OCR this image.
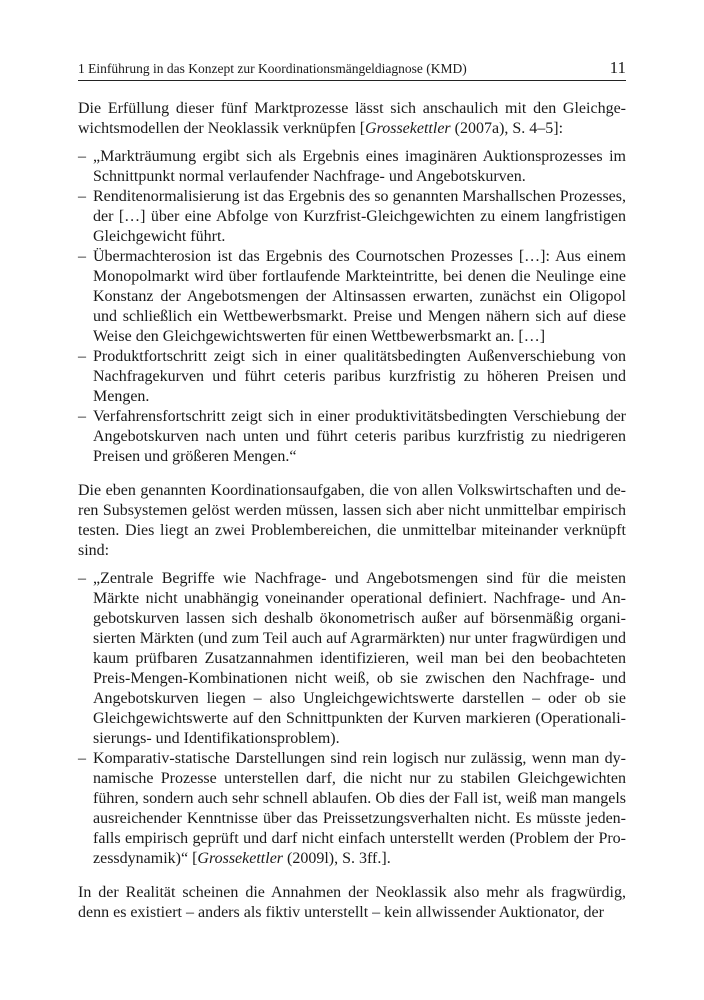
1 Einführung in das Konzept zur Koordinationsmängeldiagnose (KMD)	11

Die Erfüllung dieser fünf Marktprozesse lässt sich anschaulich mit den Gleichgewichtsmodellen der Neoklassik verknüpfen [Grossekettler (2007a), S. 4–5]:

– „Markträumung ergibt sich als Ergebnis eines imaginären Auktionsprozesses im Schnittpunkt normal verlaufender Nachfrage- und Angebotskurven.
– Renditenormalisierung ist das Ergebnis des so genannten Marshallschen Prozesses, der […] über eine Abfolge von Kurzfrist-Gleichgewichten zu einem langfristigen Gleichgewicht führt.
– Übermachterosion ist das Ergebnis des Cournotschen Prozesses […]: Aus einem Monopolmarkt wird über fortlaufende Markteintritte, bei denen die Neulinge eine Konstanz der Angebotsmengen der Altinsassen erwarten, zunächst ein Oligopol und schließlich ein Wettbewerbsmarkt. Preise und Mengen nähern sich auf diese Weise den Gleichgewichtswerten für einen Wettbewerbsmarkt an. […]
– Produktfortschritt zeigt sich in einer qualitätsbedingten Außenverschiebung von Nachfragekurven und führt ceteris paribus kurzfristig zu höheren Preisen und Mengen.
– Verfahrensfortschritt zeigt sich in einer produktivitätsbedingten Verschiebung der Angebotskurven nach unten und führt ceteris paribus kurzfristig zu niedrigeren Preisen und größeren Mengen.“

Die eben genannten Koordinationsaufgaben, die von allen Volkswirtschaften und deren Subsystemen gelöst werden müssen, lassen sich aber nicht unmittelbar empirisch testen. Dies liegt an zwei Problembereichen, die unmittelbar miteinander verknüpft sind:

– „Zentrale Begriffe wie Nachfrage- und Angebotsmengen sind für die meisten Märkte nicht unabhängig voneinander operational definiert. Nachfrage- und Angebotskurven lassen sich deshalb ökonometrisch außer auf börsenmäßig organisierten Märkten (und zum Teil auch auf Agrarmärkten) nur unter fragwürdigen und kaum prüfbaren Zusatzannahmen identifizieren, weil man bei den beobachteten Preis-Mengen-Kombinationen nicht weiß, ob sie zwischen den Nachfrage- und Angebotskurven liegen – also Ungleichgewichtswerte darstellen – oder ob sie Gleichgewichtswerte auf den Schnittpunkten der Kurven markieren (Operationalisierungs- und Identifikationsproblem).
– Komparativ-statische Darstellungen sind rein logisch nur zulässig, wenn man dynamische Prozesse unterstellen darf, die nicht nur zu stabilen Gleichgewichten führen, sondern auch sehr schnell ablaufen. Ob dies der Fall ist, weiß man mangels ausreichender Kenntnisse über das Preissetzungsverhalten nicht. Es müsste jedenfalls empirisch geprüft und darf nicht einfach unterstellt werden (Problem der Prozessdynamik)“ [Grossekettler (2009l), S. 3ff.].

In der Realität scheinen die Annahmen der Neoklassik also mehr als fragwürdig, denn es existiert – anders als fiktiv unterstellt – kein allwissender Auktionator, der
